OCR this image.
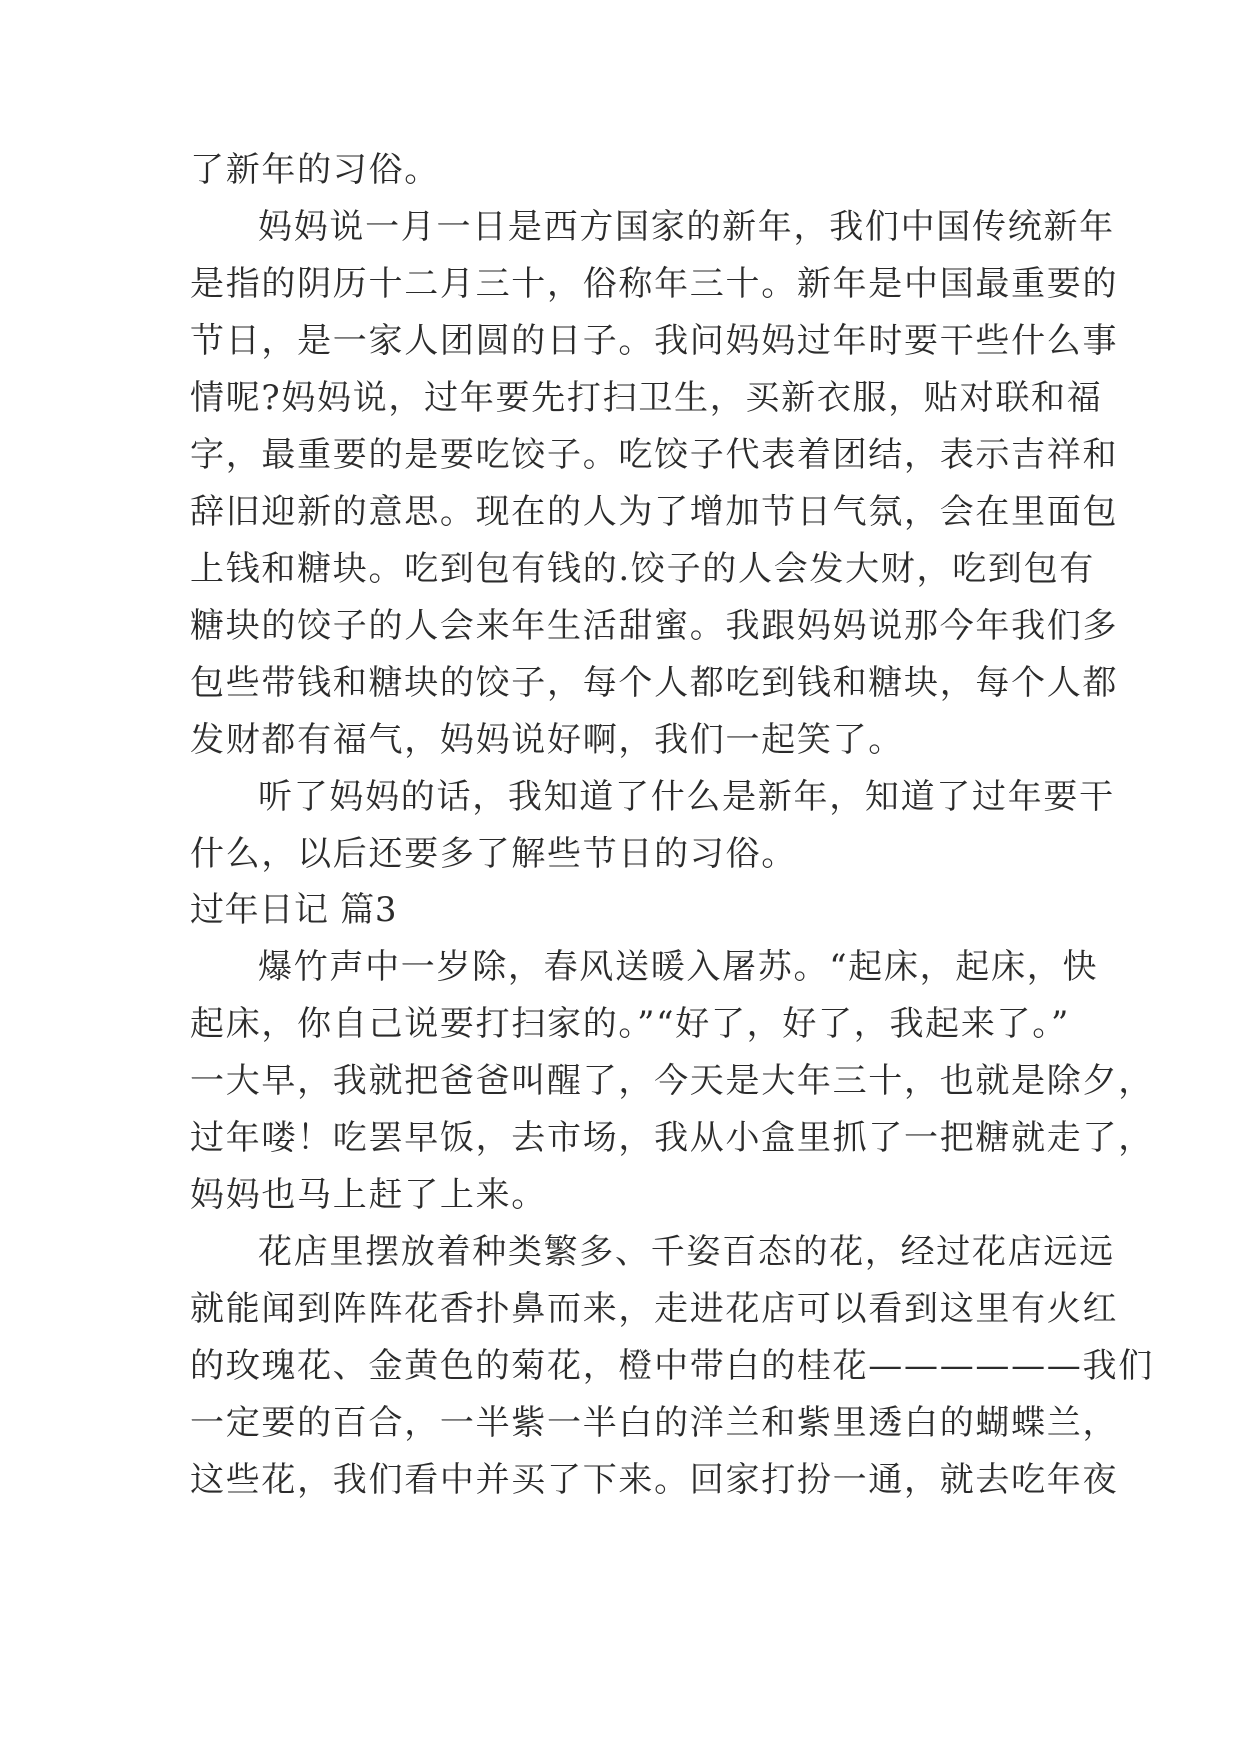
了新年的习俗。
妈妈说一月一日是西方国家的新年，我们中国传统新年
是指的阴历十二月三十，俗称年三十。新年是中国最重要的
节日，是一家人团圆的日子。我问妈妈过年时要干些什么事
情呢?妈妈说，过年要先打扫卫生，买新衣服，贴对联和福
字，最重要的是要吃饺子。吃饺子代表着团结，表示吉祥和
辞旧迎新的意思。现在的人为了增加节日气氛，会在里面包
上钱和糖块。吃到包有钱的.饺子的人会发大财，吃到包有
糖块的饺子的人会来年生活甜蜜。我跟妈妈说那今年我们多
包些带钱和糖块的饺子，每个人都吃到钱和糖块，每个人都
发财都有福气，妈妈说好啊，我们一起笑了。
听了妈妈的话，我知道了什么是新年，知道了过年要干
什么，以后还要多了解些节日的习俗。
过年日记 篇3
爆竹声中一岁除，春风送暖入屠苏。“起床，起床，快
起床，你自己说要打扫家的。”“好了，好了，我起来了。”
一大早，我就把爸爸叫醒了，今天是大年三十，也就是除夕，
过年喽！吃罢早饭，去市场，我从小盒里抓了一把糖就走了，
妈妈也马上赶了上来。
花店里摆放着种类繁多、千姿百态的花，经过花店远远
就能闻到阵阵花香扑鼻而来，走进花店可以看到这里有火红
的玫瑰花、金黄色的菊花，橙中带白的桂花——————我们
一定要的百合，一半紫一半白的洋兰和紫里透白的蝴蝶兰，
这些花，我们看中并买了下来。回家打扮一通，就去吃年夜
